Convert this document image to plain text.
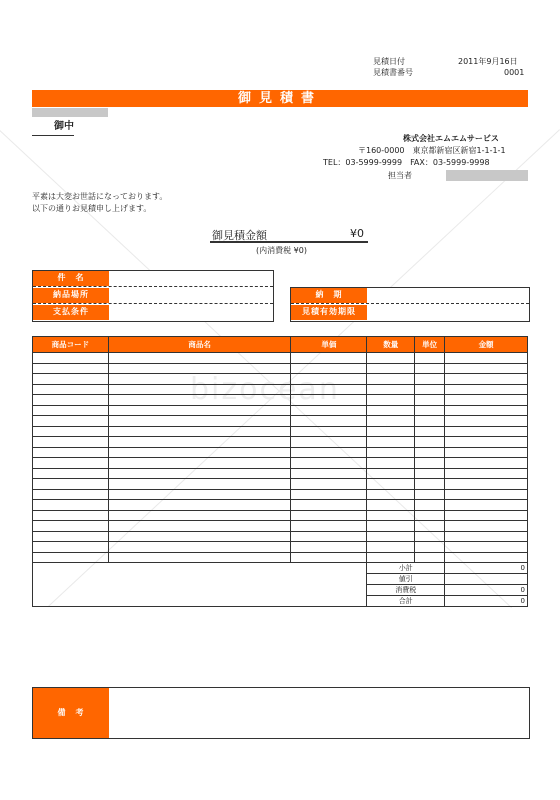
bizocean
見積日付	2011年9月16日
見積書番号	0001
御見積書
御中
株式会社エムエムサービス
〒160-0000　東京都新宿区新宿1-1-1-1
TEL：03-5999-9999　FAX：03-5999-9998
担当者
平素は大変お世話になっております。
以下の通りお見積申し上げます。
御見積金額	¥0
(内消費税 ¥0)
件　名
納品場所
支払条件
納　期
見積有効期限
商品コード	商品名	単価	数量	単位	金額

			小計		0
			値引		
			消費税		0
			合計		0
備　考
